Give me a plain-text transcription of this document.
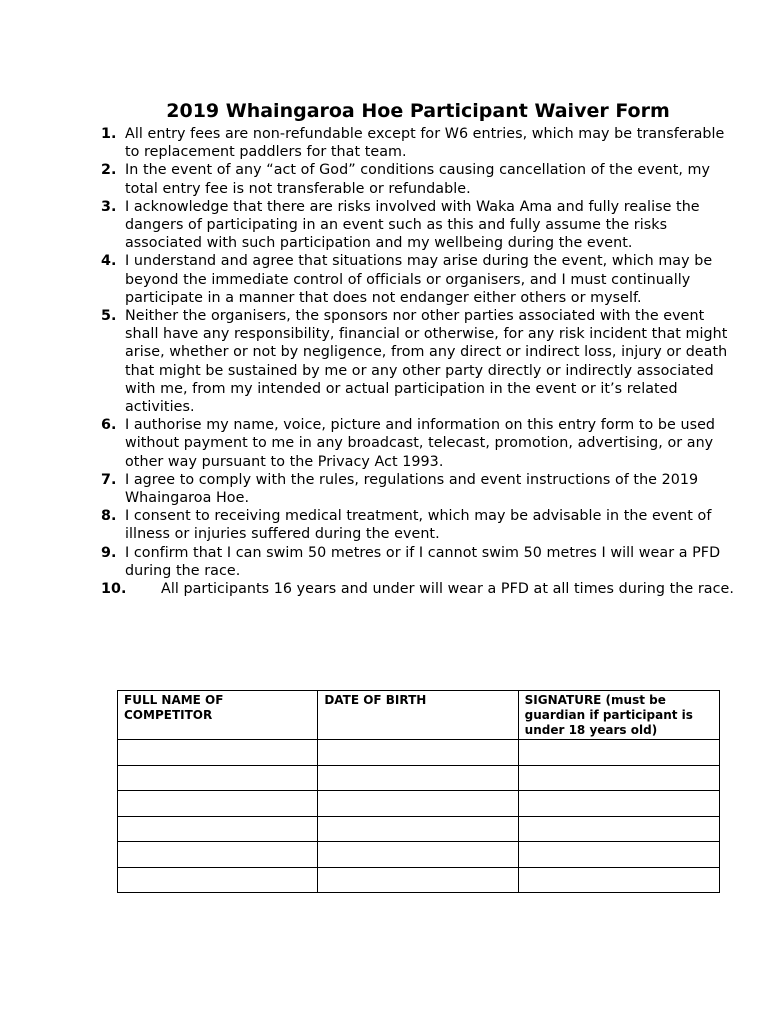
2019 Whaingaroa Hoe Participant Waiver Form
1. All entry fees are non-refundable except for W6 entries, which may be transferable to replacement paddlers for that team.
2. In the event of any “act of God” conditions causing cancellation of the event, my total entry fee is not transferable or refundable.
3. I acknowledge that there are risks involved with Waka Ama and fully realise the dangers of participating in an event such as this and fully assume the risks associated with such participation and my wellbeing during the event.
4. I understand and agree that situations may arise during the event, which may be beyond the immediate control of officials or organisers, and I must continually participate in a manner that does not endanger either others or myself.
5. Neither the organisers, the sponsors nor other parties associated with the event shall have any responsibility, financial or otherwise, for any risk incident that might arise, whether or not by negligence, from any direct or indirect loss, injury or death that might be sustained by me or any other party directly or indirectly associated with me, from my intended or actual participation in the event or it’s related activities.
6. I authorise my name, voice, picture and information on this entry form to be used without payment to me in any broadcast, telecast, promotion, advertising, or any other way pursuant to the Privacy Act 1993.
7. I agree to comply with the rules, regulations and event instructions of the 2019 Whaingaroa Hoe.
8. I consent to receiving medical treatment, which may be advisable in the event of illness or injuries suffered during the event.
9. I confirm that I can swim 50 metres or if I cannot swim 50 metres I will wear a PFD during the race.
10. All participants 16 years and under will wear a PFD at all times during the race.
FULL NAME OF COMPETITOR	DATE OF BIRTH	SIGNATURE (must be guardian if participant is under 18 years old)
